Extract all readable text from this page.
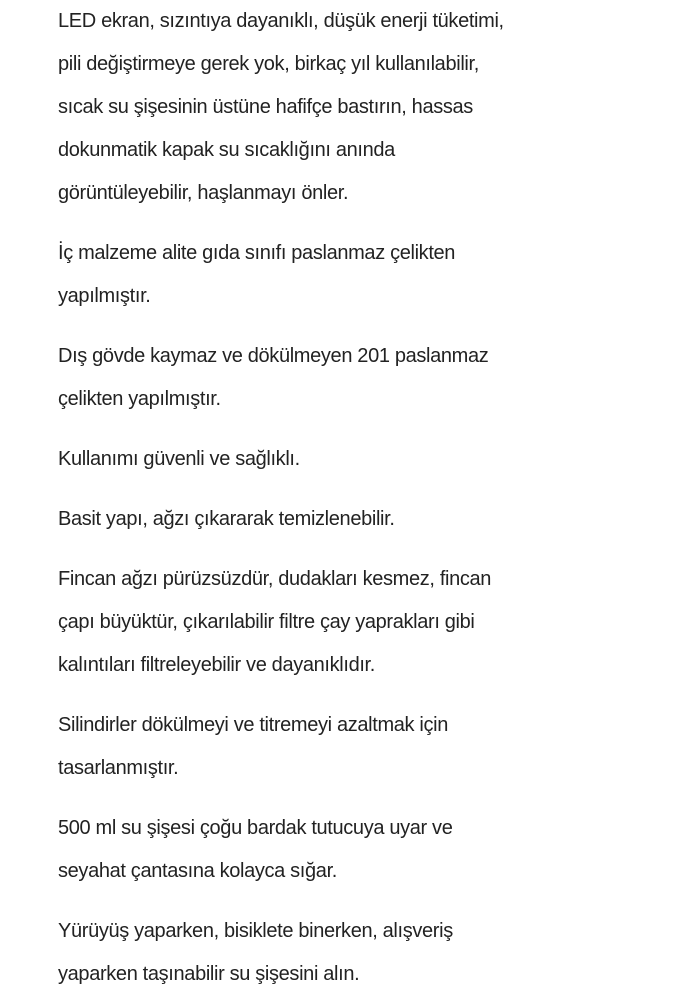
LED ekran, sızıntıya dayanıklı, düşük enerji tüketimi,
pili değiştirmeye gerek yok, birkaç yıl kullanılabilir,
sıcak su şişesinin üstüne hafifçe bastırın, hassas
dokunmatik kapak su sıcaklığını anında
görüntüleyebilir, haşlanmayı önler.
İç malzeme alite gıda sınıfı paslanmaz çelikten
yapılmıştır.
Dış gövde kaymaz ve dökülmeyen 201 paslanmaz
çelikten yapılmıştır.
Kullanımı güvenli ve sağlıklı.
Basit yapı, ağzı çıkararak temizlenebilir.
Fincan ağzı pürüzsüzdür, dudakları kesmez, fincan
çapı büyüktür, çıkarılabilir filtre çay yaprakları gibi
kalıntıları filtreleyebilir ve dayanıklıdır.
Silindirler dökülmeyi ve titremeyi azaltmak için
tasarlanmıştır.
500 ml su şişesi çoğu bardak tutucuya uyar ve
seyahat çantasına kolayca sığar.
Yürüyüş yaparken, bisiklete binerken, alışveriş
yaparken taşınabilir su şişesini alın.
